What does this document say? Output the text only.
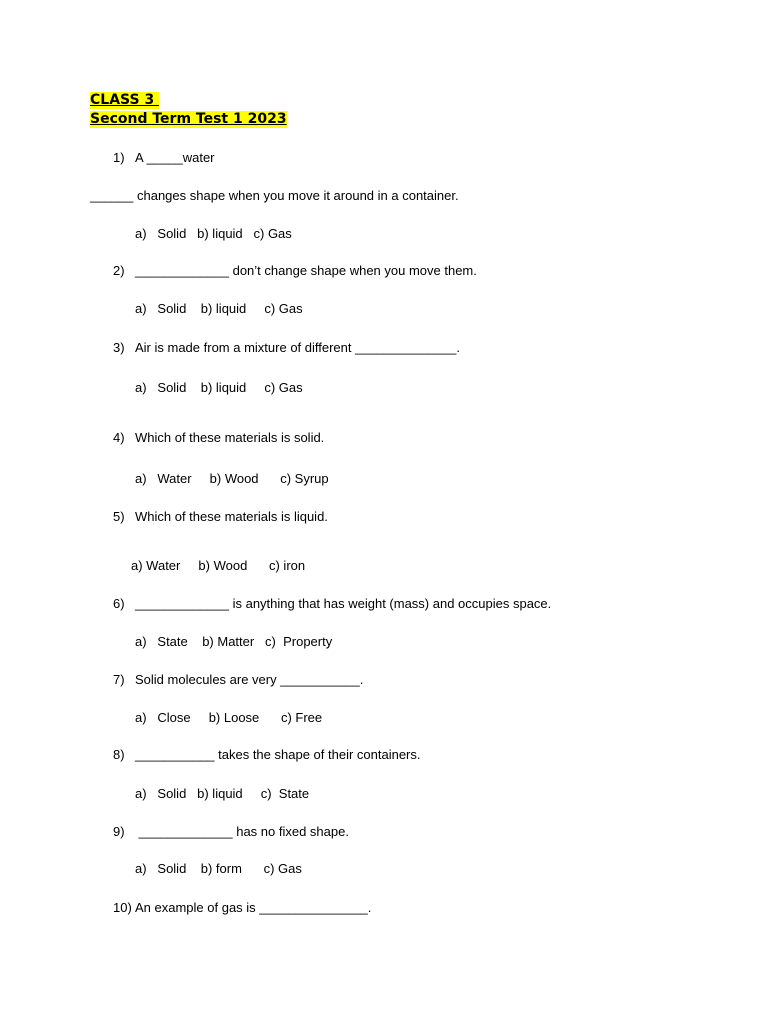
CLASS 3
Second Term Test 1 2023
1) A _____water
______ changes shape when you move it around in a container.
a)   Solid   b) liquid   c) Gas
2) _____________ don’t change shape when you move them.
a)   Solid    b) liquid     c) Gas
3) Air is made from a mixture of different ______________.
a)   Solid    b) liquid     c) Gas
4) Which of these materials is solid.
a)   Water     b) Wood      c) Syrup
5) Which of these materials is liquid.
a) Water     b) Wood      c) iron
6) _____________ is anything that has weight (mass) and occupies space.
a)   State    b) Matter   c)  Property
7) Solid molecules are very ___________.
a)   Close     b) Loose      c) Free
8) ___________ takes the shape of their containers.
a)   Solid   b) liquid     c)  State
9) _____________ has no fixed shape.
a)   Solid    b) form      c) Gas
10) An example of gas is _______________.
